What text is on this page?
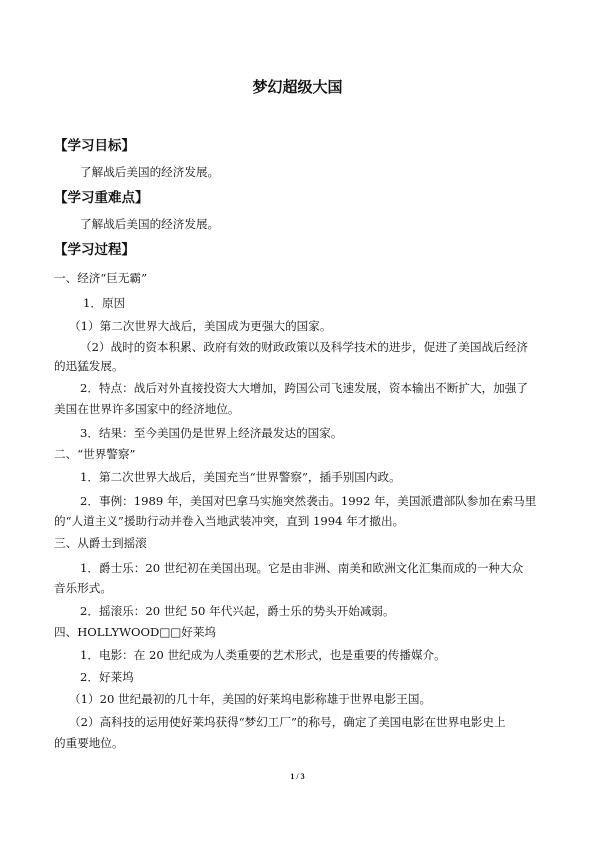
梦幻超级大国
【学习目标】
了解战后美国的经济发展。
【学习重难点】
了解战后美国的经济发展。
【学习过程】
一、经济“巨无霸”
1．原因
（1）第二次世界大战后，美国成为更强大的国家。
（2）战时的资本积累、政府有效的财政政策以及科学技术的进步，促进了美国战后经济
的迅猛发展。
2．特点：战后对外直接投资大大增加，跨国公司飞速发展，资本输出不断扩大，加强了
美国在世界许多国家中的经济地位。
3．结果：至今美国仍是世界上经济最发达的国家。
二、“世界警察”
1．第二次世界大战后，美国充当“世界警察”，插手别国内政。
2．事例：1989 年，美国对巴拿马实施突然袭击。1992 年，美国派遣部队参加在索马里
的“人道主义”援助行动并卷入当地武装冲突，直到 1994 年才撤出。
三、从爵士到摇滚
1．爵士乐：20 世纪初在美国出现。它是由非洲、南美和欧洲文化汇集而成的一种大众
音乐形式。
2．摇滚乐：20 世纪 50 年代兴起，爵士乐的势头开始减弱。
四、HOLLYWOOD□□好莱坞
1．电影：在 20 世纪成为人类重要的艺术形式，也是重要的传播媒介。
2．好莱坞
（1）20 世纪最初的几十年，美国的好莱坞电影称雄于世界电影王国。
（2）高科技的运用使好莱坞获得“梦幻工厂”的称号，确定了美国电影在世界电影史上
的重要地位。
1 / 3
